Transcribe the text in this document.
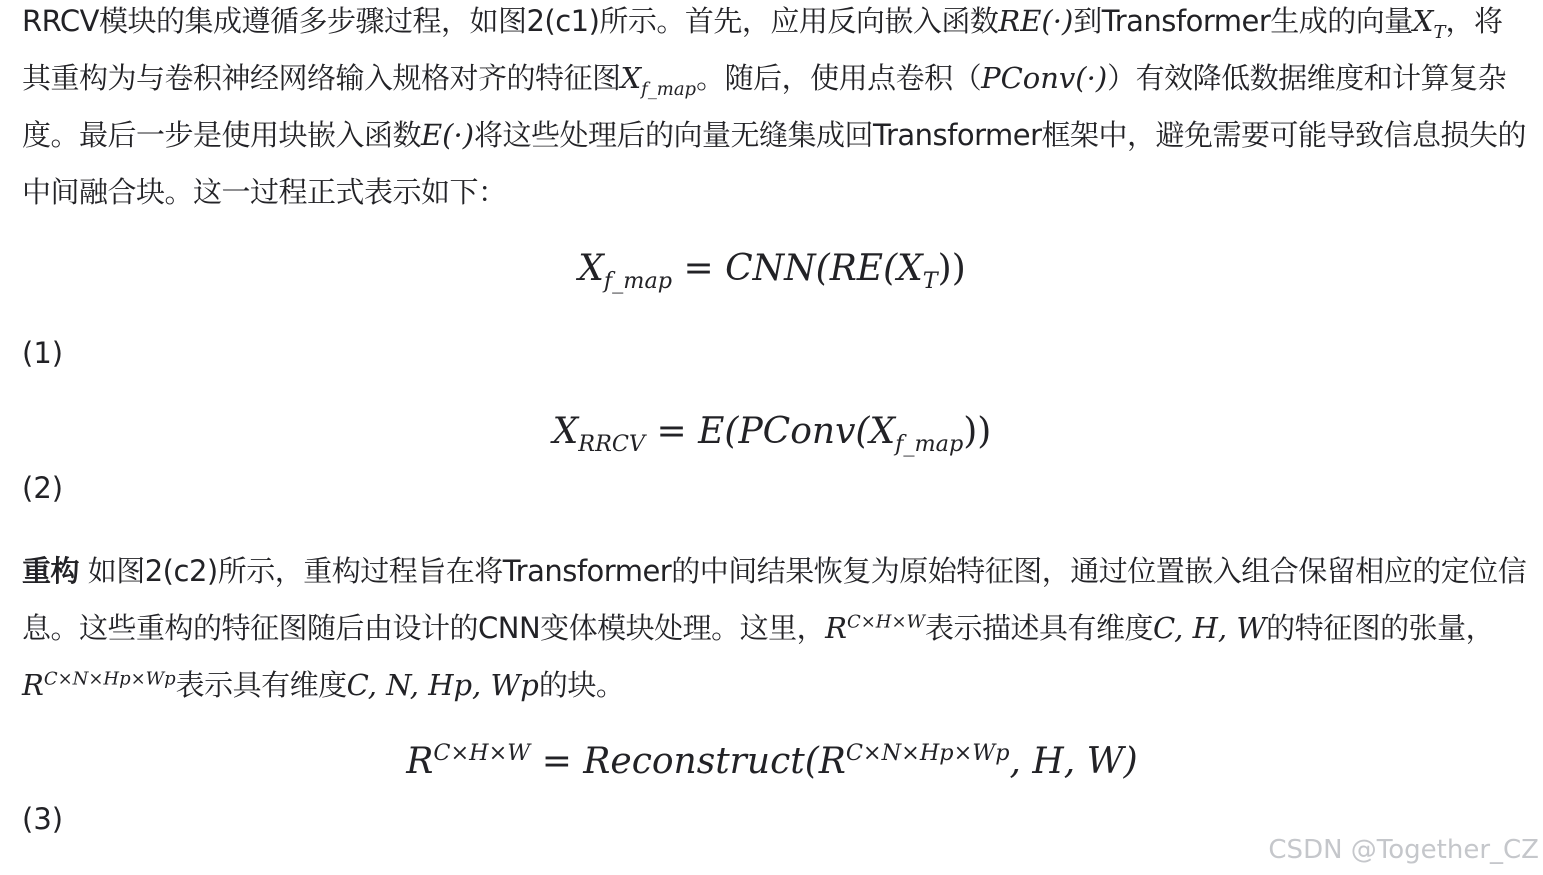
RRCV模块的集成遵循多步骤过程，如图2(c1)所示。首先，应用反向嵌入函数RE(·)到Transformer生成的向量$X_T$，将其重构为与卷积神经网络输入规格对齐的特征图$X_{f\_map}$。随后，使用点卷积（PConv(·)）有效降低数据维度和计算复杂度。最后一步是使用块嵌入函数E(·)将这些处理后的向量无缝集成回Transformer框架中，避免需要可能导致信息损失的中间融合块。这一过程正式表示如下：

$X_{f\_map} = CNN(RE(X_T))$
(1)
$X_{RRCV}$ = $E(PConv(X_{f\_map}))$
(2)

重构 如图2(c2)所示，重构过程旨在将Transformer的中间结果恢复为原始特征图，通过位置嵌入组合保留相应的定位信息。这些重构的特征图随后由设计的CNN变体模块处理。这里，$R^{C\times H\times W}$表示描述具有维度C, H, W的特征图的张量，$R^{C\times N\times Hp\times Wp}$表示具有维度C, N, Hp, Wp的块。

$R^{C\times H\times W}$ = $Reconstruct(R^{C\times N\times Hp\times Wp}$, H, W)
(3)
CSDN @Together_CZ
